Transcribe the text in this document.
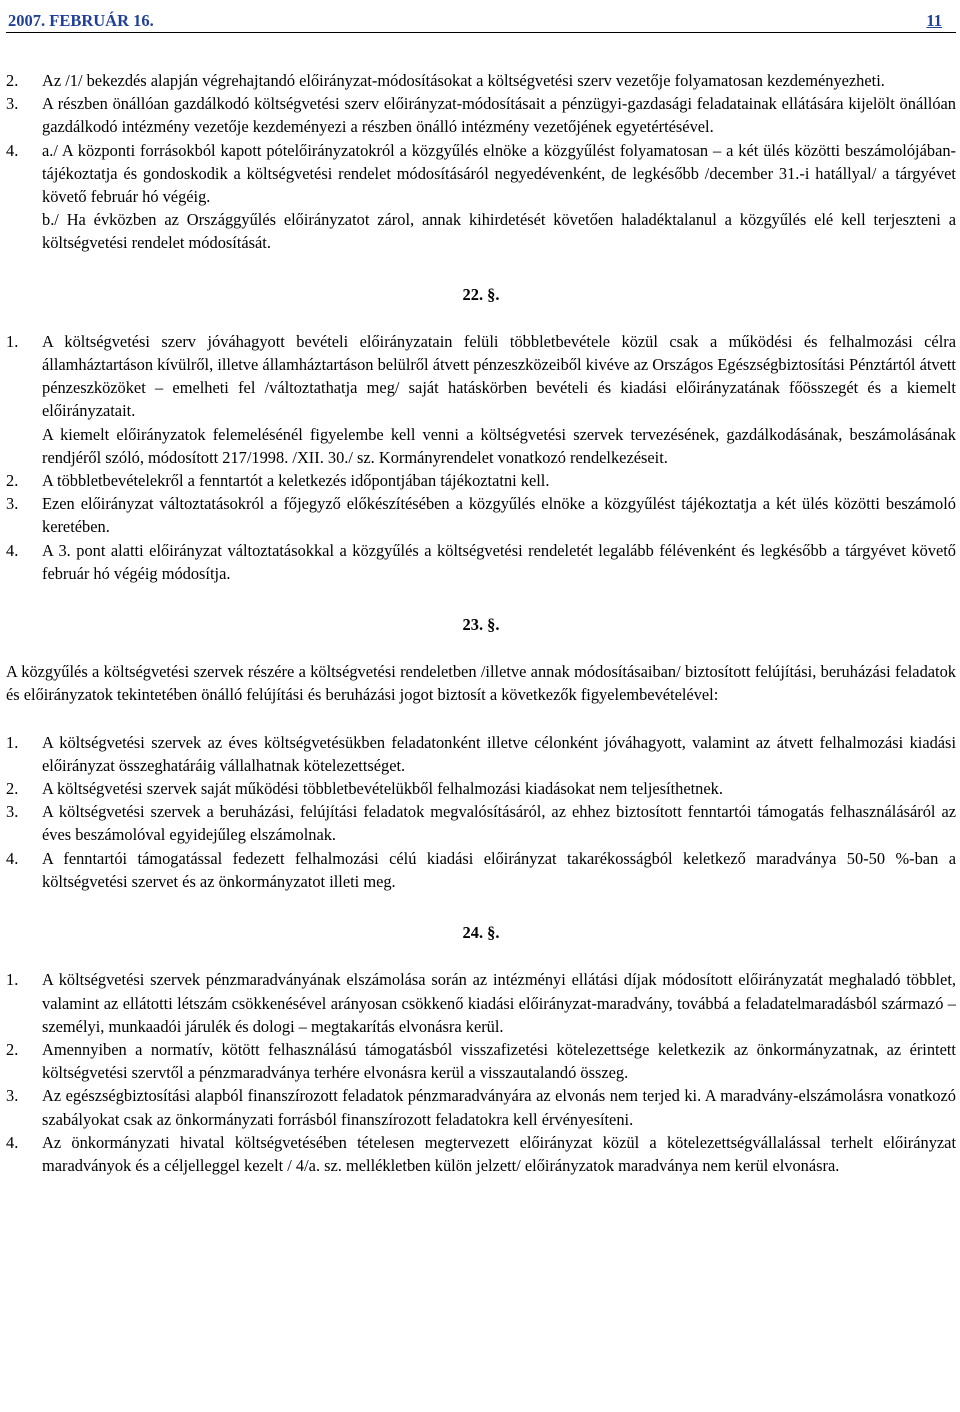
2007. FEBRUÁR 16.	11
2.	Az /1/ bekezdés alapján végrehajtandó előirányzat-módosításokat a költségvetési szerv vezetője folyamatosan kezdeményezheti.
3.	A részben önállóan gazdálkodó költségvetési szerv előirányzat-módosításait a pénzügyi-gazdasági feladatainak ellátására kijelölt önállóan gazdálkodó intézmény vezetője kezdeményezi a részben önálló intézmény vezetőjének egyetértésével.
4.	a./ A központi forrásokból kapott pótelőirányzatokról a közgyűlés elnöke a közgyűlést folyamatosan – a két ülés közötti beszámolójában- tájékoztatja és gondoskodik a költségvetési rendelet módosításáról negyedévenként, de legkésőbb /december 31.-i hatállyal/ a tárgyévet követő február hó végéig.
b./ Ha évközben az Országgyűlés előirányzatot zárol, annak kihirdetését követően haladéktalanul a közgyűlés elé kell terjeszteni a költségvetési rendelet módosítását.
22. §.
1.	A költségvetési szerv jóváhagyott bevételi előirányzatain felüli többletbevétele közül csak a működési és felhalmozási célra államháztartáson kívülről, illetve államháztartáson belülről átvett pénzeszközeiből kivéve az Országos Egészségbiztosítási Pénztártól átvett pénzeszközöket – emelheti fel /változtathatja meg/ saját hatáskörben bevételi és kiadási előirányzatának főösszegét és a kiemelt előirányzatait.
A kiemelt előirányzatok felemelésénél figyelembe kell venni a költségvetési szervek tervezésének, gazdálkodásának, beszámolásának rendjéről szóló, módosított 217/1998. /XII. 30./ sz. Kormányrendelet vonatkozó rendelkezéseit.
2.	A többletbevételekről a fenntartót a keletkezés időpontjában tájékoztatni kell.
3.	Ezen előirányzat változtatásokról a főjegyző előkészítésében a közgyűlés elnöke a közgyűlést tájékoztatja a két ülés közötti beszámoló keretében.
4.	A 3. pont alatti előirányzat változtatásokkal a közgyűlés a költségvetési rendeletét legalább félévenként és legkésőbb a tárgyévet követő február hó végéig módosítja.
23. §.
A közgyűlés a költségvetési szervek részére a költségvetési rendeletben /illetve annak módosításaiban/ biztosított felújítási, beruházási feladatok és előirányzatok tekintetében önálló felújítási és beruházási jogot biztosít a következők figyelembevételével:
1.	A költségvetési szervek az éves költségvetésükben feladatonként illetve célonként jóváhagyott, valamint az átvett felhalmozási kiadási előirányzat összeghatáráig vállalhatnak kötelezettséget.
2.	A költségvetési szervek saját működési többletbevételükből felhalmozási kiadásokat nem teljesíthetnek.
3.	A költségvetési szervek a beruházási, felújítási feladatok megvalósításáról, az ehhez biztosított fenntartói támogatás felhasználásáról az éves beszámolóval egyidejűleg elszámolnak.
4.	A fenntartói támogatással fedezett felhalmozási célú kiadási előirányzat takarékosságból keletkező maradványa 50-50 %-ban a költségvetési szervet és az önkormányzatot illeti meg.
24. §.
1.	A költségvetési szervek pénzmaradványának elszámolása során az intézményi ellátási díjak módosított előirányzatát meghaladó többlet, valamint az ellátotti létszám csökkenésével arányosan csökkenő kiadási előirányzat-maradvány, továbbá a feladatelmaradásból származó – személyi, munkaadói járulék és dologi – megtakarítás elvonásra kerül.
2.	Amennyiben a normatív, kötött felhasználású támogatásból visszafizetési kötelezettsége keletkezik az önkormányzatnak, az érintett költségvetési szervtől a pénzmaradványa terhére elvonásra kerül a visszautalandó összeg.
3.	Az egészségbiztosítási alapból finanszírozott feladatok pénzmaradványára az elvonás nem terjed ki. A maradvány-elszámolásra vonatkozó szabályokat csak az önkormányzati forrásból finanszírozott feladatokra kell érvényesíteni.
4.	Az önkormányzati hivatal költségvetésében tételesen megtervezett előirányzat közül a kötelezettségvállalással terhelt előirányzat maradványok és a céljelleggel kezelt / 4/a. sz. mellékletben külön jelzett/ előirányzatok maradványa nem kerül elvonásra.
